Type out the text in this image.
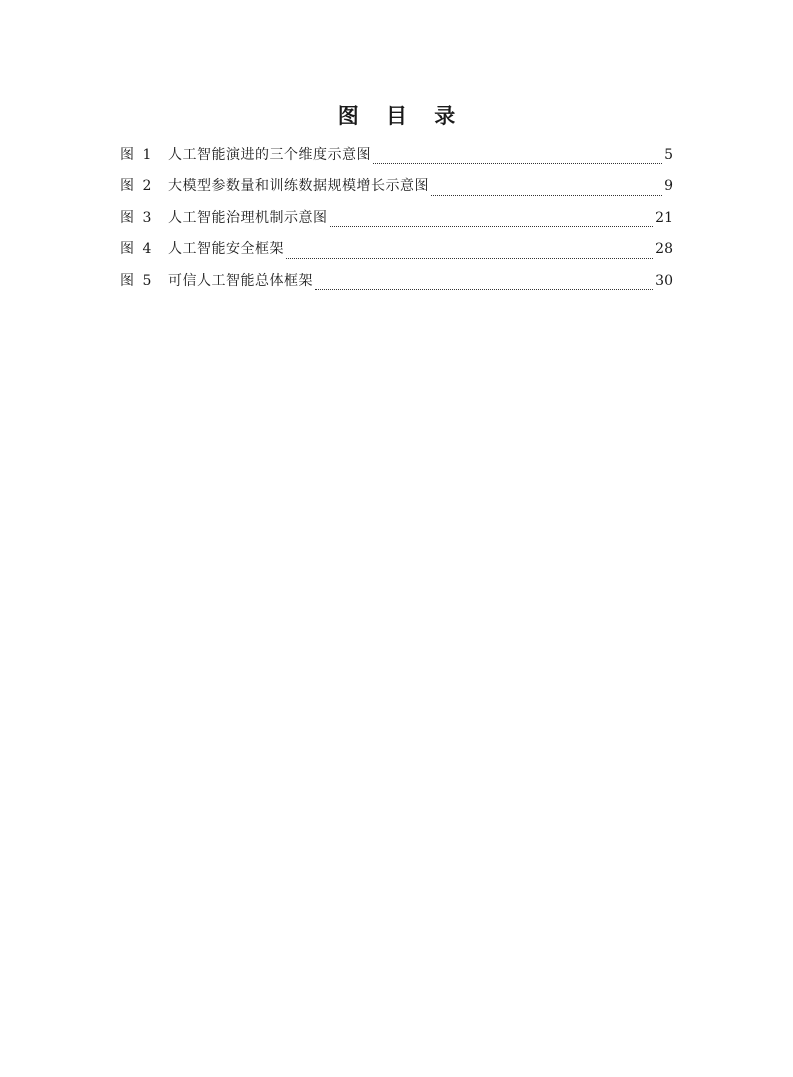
图 目 录
图 1	人工智能演进的三个维度示意图	5
图 2	大模型参数量和训练数据规模增长示意图	9
图 3	人工智能治理机制示意图	21
图 4	人工智能安全框架	28
图 5	可信人工智能总体框架	30
